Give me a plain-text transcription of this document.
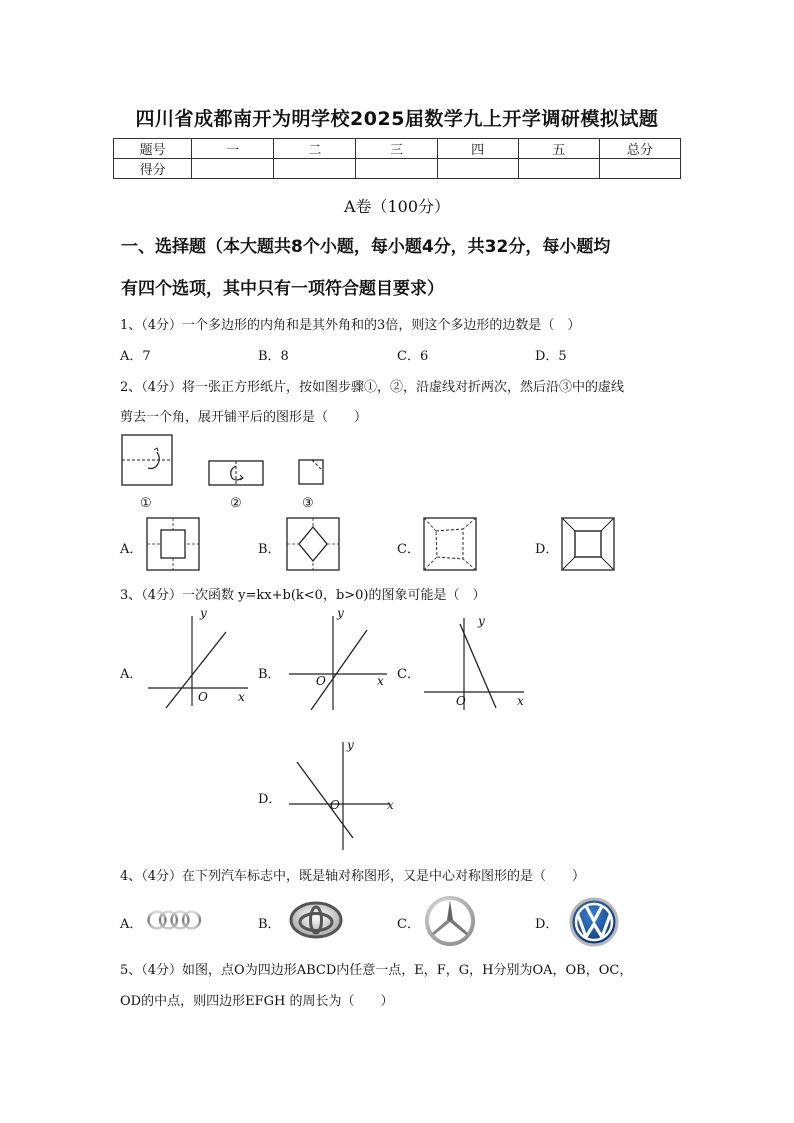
四川省成都南开为明学校2025届数学九上开学调研模拟试题
题号	一	二	三	四	五	总分
得分						
A卷（100分）
一、选择题（本大题共8个小题，每小题4分，共32分，每小题均
有四个选项，其中只有一项符合题目要求）
1、（4分）一个多边形的内角和是其外角和的3倍，则这个多边形的边数是（　）
A．7	B．8	C．6	D．5
2、（4分）将一张正方形纸片，按如图步骤①，②，沿虚线对折两次，然后沿③中的虚线
剪去一个角，展开铺平后的图形是（　　）
①	②	③
A．	B．	C．	D．
3、（4分）一次函数 y=kx+b(k<0，b>0)的图象可能是（　）
A．
y
x
O
B．
y
x
O	C．
y
x
O
D．
y
x
O
4、（4分）在下列汽车标志中，既是轴对称图形，又是中心对称图形的是（　　）
A．	B．	C．	D．
5、（4分）如图，点O为四边形ABCD内任意一点，E，F，G，H分别为OA，OB，OC，
OD的中点，则四边形EFGH 的周长为（　　）
